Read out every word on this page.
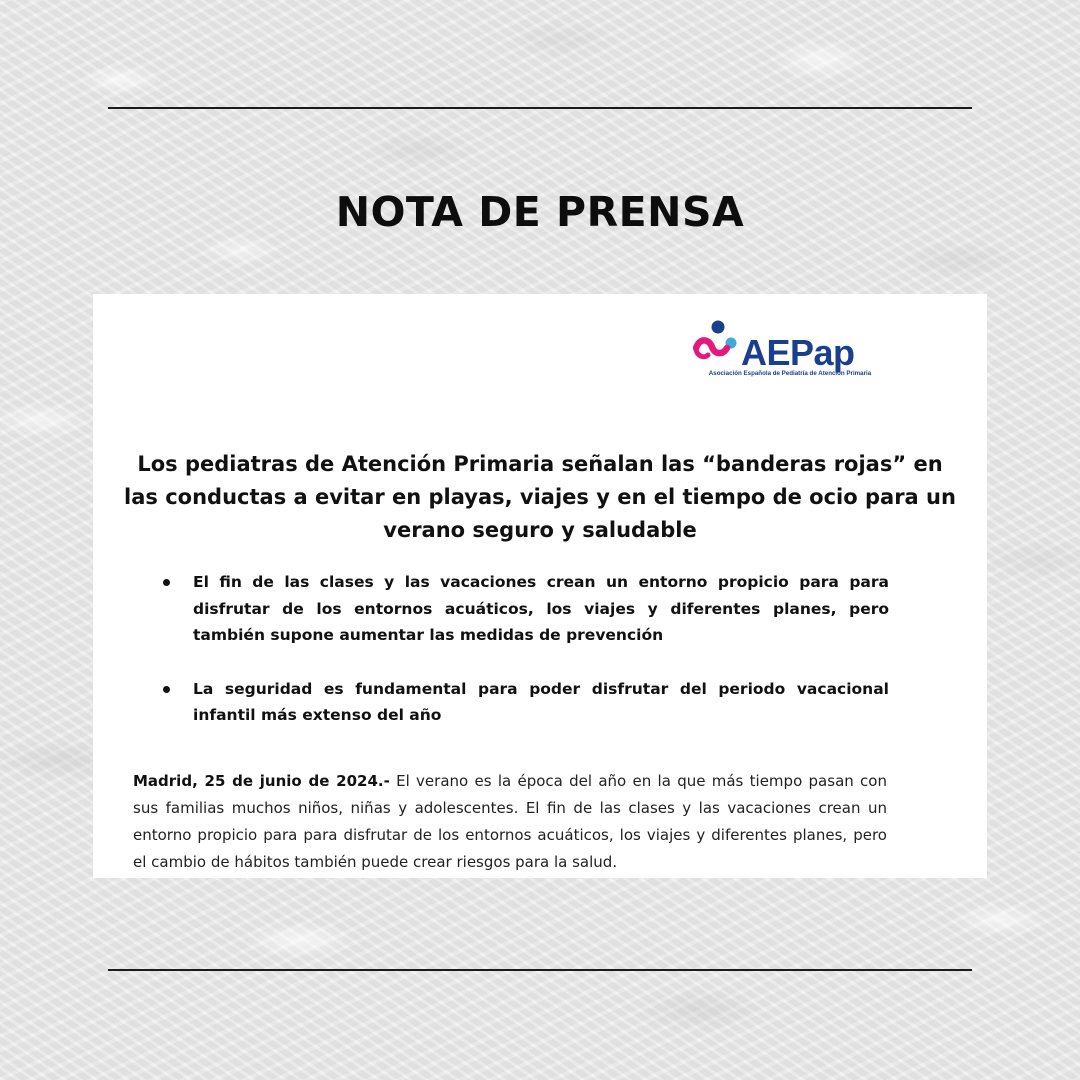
NOTA DE PRENSA
AEPap
Asociación Española de Pediatría de Atención Primaria
Los pediatras de Atención Primaria señalan las “banderas rojas” en las conductas a evitar en playas, viajes y en el tiempo de ocio para un verano seguro y saludable
El fin de las clases y las vacaciones crean un entorno propicio para para disfrutar de los entornos acuáticos, los viajes y diferentes planes, pero también supone aumentar las medidas de prevención
La seguridad es fundamental para poder disfrutar del periodo vacacional infantil más extenso del año

Madrid, 25 de junio de 2024.- El verano es la época del año en la que más tiempo pasan con sus familias muchos niños, niñas y adolescentes. El fin de las clases y las vacaciones crean un entorno propicio para para disfrutar de los entornos acuáticos, los viajes y diferentes planes, pero el cambio de hábitos también puede crear riesgos para la salud.
